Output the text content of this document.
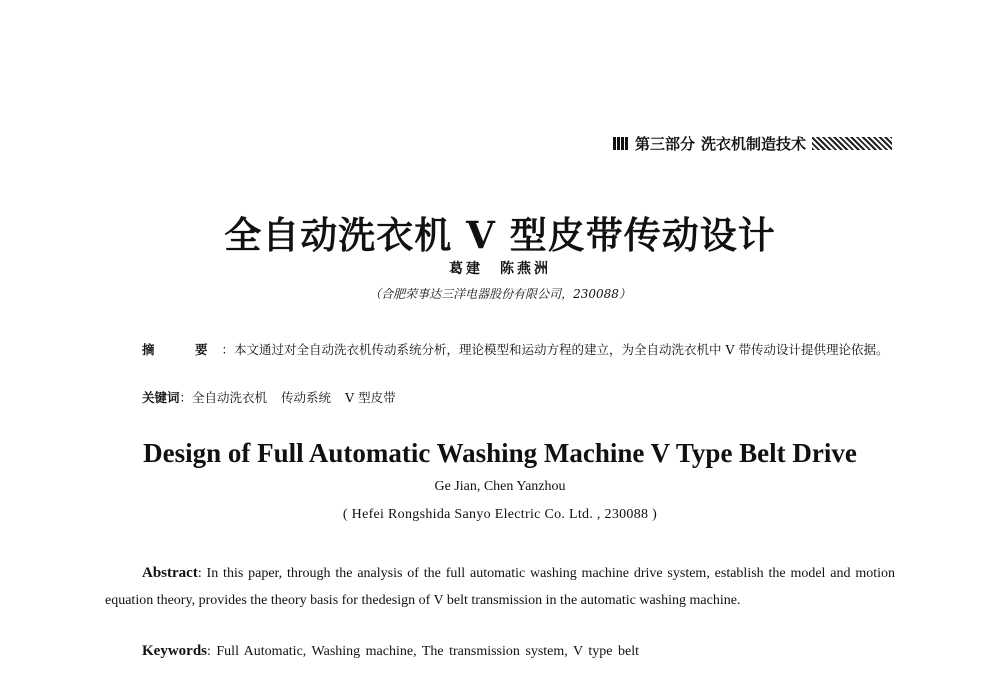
第三部分 洗衣机制造技术
全自动洗衣机 V 型皮带传动设计
葛建　陈燕洲
（合肥荣事达三洋电器股份有限公司，230088）
摘　要：本文通过对全自动洗衣机传动系统分析，理论模型和运动方程的建立，为全自动洗衣机中 V 带传动设计提供理论依据。
关键词：全自动洗衣机 传动系统 V 型皮带
Design of Full Automatic Washing Machine V Type Belt Drive
Ge Jian, Chen Yanzhou
( Hefei Rongshida Sanyo Electric Co. Ltd. , 230088 )
Abstract: In this paper, through the analysis of the full automatic washing machine drive system, establish the model and motion equation theory, provides the theory basis for thedesign of V belt transmission in the automatic washing machine.
Keywords: Full Automatic, Washing machine, The transmission system, V type belt
